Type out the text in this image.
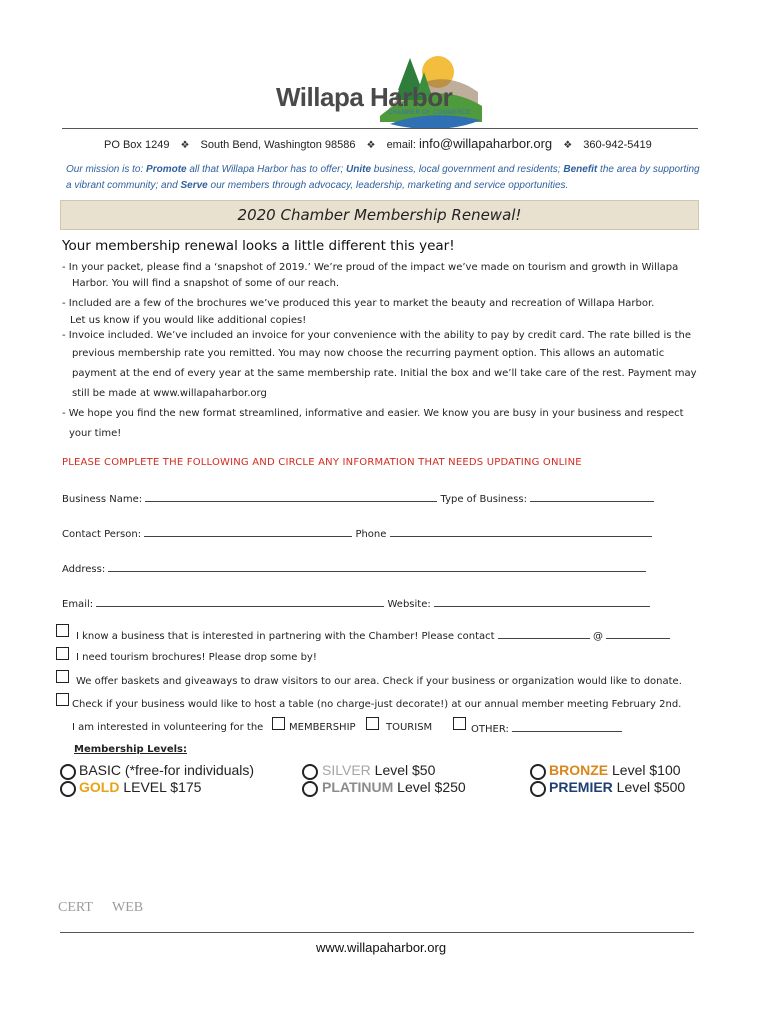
Willapa Harbor
CHAMBER OF COMMERCE
PO Box 1249 ❖ South Bend, Washington 98586 ❖ email: info@willapaharbor.org ❖ 360-942-5419
Our mission is to: Promote all that Willapa Harbor has to offer; Unite business, local government and residents; Benefit the area by supporting a vibrant community; and Serve our members through advocacy, leadership, marketing and service opportunities.
2020 Chamber Membership Renewal!
Your membership renewal looks a little different this year!
- In your packet, please find a ‘snapshot of 2019.’ We’re proud of the impact we’ve made on tourism and growth in Willapa
Harbor. You will find a snapshot of some of our reach.
- Included are a few of the brochures we’ve produced this year to market the beauty and recreation of Willapa Harbor.
Let us know if you would like additional copies!
- Invoice included. We’ve included an invoice for your convenience with the ability to pay by credit card. The rate billed is the
previous membership rate you remitted. You may now choose the recurring payment option. This allows an automatic
payment at the end of every year at the same membership rate. Initial the box and we’ll take care of the rest. Payment may
still be made at www.willapaharbor.org
- We hope you find the new format streamlined, informative and easier. We know you are busy in your business and respect
your time!
PLEASE COMPLETE THE FOLLOWING AND CIRCLE ANY INFORMATION THAT NEEDS UPDATING ONLINE
Business Name:	Type of Business:
Contact Person:	Phone
Address:
Email:	Website:
I know a business that is interested in partnering with the Chamber! Please contact	@
I need tourism brochures! Please drop some by!
We offer baskets and giveaways to draw visitors to our area. Check if your business or organization would like to donate.
Check if your business would like to host a table (no charge-just decorate!) at our annual member meeting February 2nd.
I am interested in volunteering for the	MEMBERSHIP	TOURISM	OTHER:
Membership Levels:
BASIC (*free-for individuals)
GOLD LEVEL $175
SILVER Level $50
PLATINUM Level $250
BRONZE Level $100
PREMIER Level $500
CERT WEB
www.willapaharbor.org
